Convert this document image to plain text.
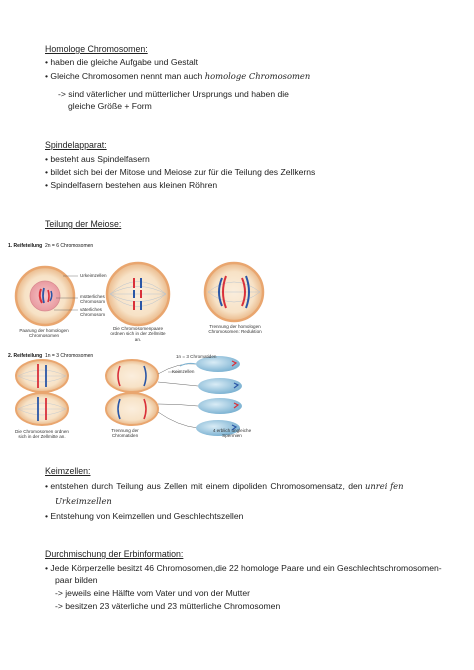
Homologe Chromosomen:
• haben die gleiche Aufgabe und Gestalt
• Gleiche Chromosomen nennt man auch homologe Chromosomen
-> sind väterlicher und mütterlicher Ursprungs und haben die
gleiche Größe + Form
Spindelapparat:
• besteht aus Spindelfasern
• bildet sich bei der Mitose und Meiose zur für die Teilung des Zellkerns
• Spindelfasern bestehen aus kleinen Röhren
Teilung der Meiose:
1. Reifeteilung 2n = 6 Chromosomen
Urkeimzellen
mütterliches Chromosom
väterliches Chromosom
Paarung der homologen Chromosomen
Die Chromosomenpaare ordnen sich in der Zellmitte an.
Trennung der homologen Chromosomen: Reduktion
2. Reifeteilung 1n = 3 Chromosomen	1n = 3 Chromatiden
Keimzellen
Die Chromosomen ordnen sich in der Zellmitte an.
Trennung der Chromatiden
4 erblich ungleiche Spermien
Keimzellen:
• entstehen durch Teilung aus Zellen mit einem dipoliden Chromosomensatz, den unrei fen
Urkeimzellen
• Entstehung von Keimzellen und Geschlechtszellen
Durchmischung der Erbinformation:
• Jede Körperzelle besitzt 46 Chromosomen,die 22 homologe Paare und ein Geschlechtschromosomen-
paar bilden
-> jeweils eine Hälfte vom Vater und von der Mutter
-> besitzen 23 väterliche und 23 mütterliche Chromosomen
